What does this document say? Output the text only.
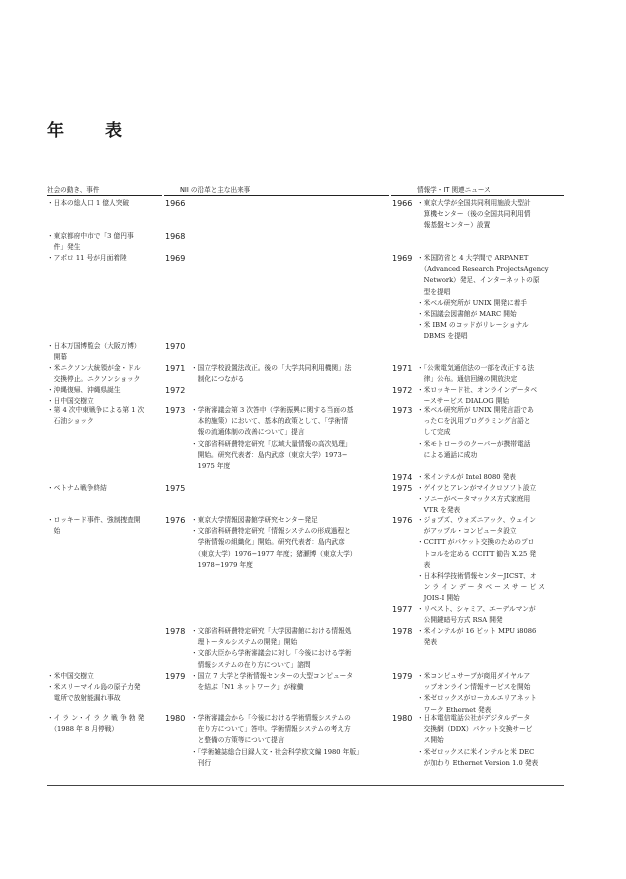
年　表
社会の動き、事件	NII の沿革と主な出来事	情報学・IT 関連ニュース
1966
・日本の総人口 1 億人突破
1968
・東京都府中市で「3 億円事
　件」発生
1969
・アポロ 11 号が月面着陸
1970
・日本万国博覧会（大阪万博）
　開幕
1971
・米ニクソン大統領が金・ドル
　交換停止。ニクソンショック
1972
・沖縄復帰、沖縄県誕生
・日中国交樹立
1973
・第 4 次中東戦争による第 1 次
　石油ショック
1975
・ベトナム戦争終結
1976
・ロッキード事件、強制捜査開
　始
1979
・米中国交樹立
・米スリーマイル島の原子力発
　電所で放射能漏れ事故
1980
・イ ラ ン・イ ラ ク 戦 争 勃 発
　（1988 年 8 月停戦）
・国立学校設置法改正。後の「大学共同利用機関」法
　制化につながる
・学術審議会第 3 次答申（学術振興に関する当面の基
　本的施策）において、基本的政策として、「学術情
　報の流通体制の改善について」提言
・文部省科研費特定研究「広域大量情報の高次処理」
　開始。研究代表者：島内武彦（東京大学）1973−
　1975 年度
・東京大学情報図書館学研究センター発足
・文部省科研費特定研究「情報システムの形成過程と
　学術情報の組織化」開始。研究代表者：島内武彦
　（東京大学）1976−1977 年度；猪瀬博（東京大学）
　1978−1979 年度
1978 ・文部省科研費特定研究「大学図書館における情報処
　理トータルシステムの開発」開始
・文部大臣から学術審議会に対し「今後における学術
　情報システムの在り方について」諮問
・国立 7 大学と学術情報センターの大型コンピュータ
　を結ぶ「N1 ネットワーク」が稼働
・学術審議会から「今後における学術情報システムの
　在り方について」答申。学術情報システムの考え方
　と整備の方策等について提言
・「学術雑誌総合目録人文・社会科学欧文編 1980 年版」
　刊行
1966 ・東京大学が全国共同利用施設大型計
　算機センター（後の全国共同利用情
　報基盤センター）設置
1969 ・米国防省と 4 大学間で ARPANET
　（Advanced Research ProjectsAgency
　Network）発足、インターネットの原
　型を提唱
・米ベル研究所が UNIX 開発に着手
・米国議会図書館が MARC 開始
・米 IBM のコッドがリレーショナル
　DBMS を提唱
1971 ・「公衆電気通信法の一部を改正する法
　律」公布。通信回線の開放決定
1972 ・米ロッキード社、オンラインデータベ
　ースサービス DIALOG 開始
1973 ・米ベル研究所が UNIX 開発言語であ
　ったＣを汎用プログラミング言語と
　して完成
・米モトローラのクーパーが携帯電話
　による通話に成功
1974 ・米インテルが Intel 8080 発表
1975 ・ゲイツとアレンがマイクロソフト設立
・ソニーがベータマックス方式家庭用
　VTR を発表
1976 ・ジョブズ、ウォズニアック、ウェイン
　がアップル・コンピュータ設立
・CCITT がパケット交換のためのプロ
　トコルを定める CCITT 勧告 X.25 発
　表
・日本科学技術情報センターJICST、オ
　ン ラ イ ン デ ー タ ベ ー ス サ ー ビ ス
　JOIS-I 開始
1977 ・リベスト、シャミア、エーデルマンが
　公開鍵暗号方式 RSA 開発
1978 ・米インテルが 16 ビット MPU i8086
　発表
1979 ・米コンピュサーブが商用ダイヤルア
　ップオンライン情報サービスを開始
・米ゼロックスがローカルエリアネット
　ワーク Ethernet 発表
1980 ・日本電信電話公社がデジタルデータ
　交換網（DDX）パケット交換サービ
　ス開始
・米ゼロックスに米インテルと米 DEC
　が加わり Ethernet Version 1.0 発表
